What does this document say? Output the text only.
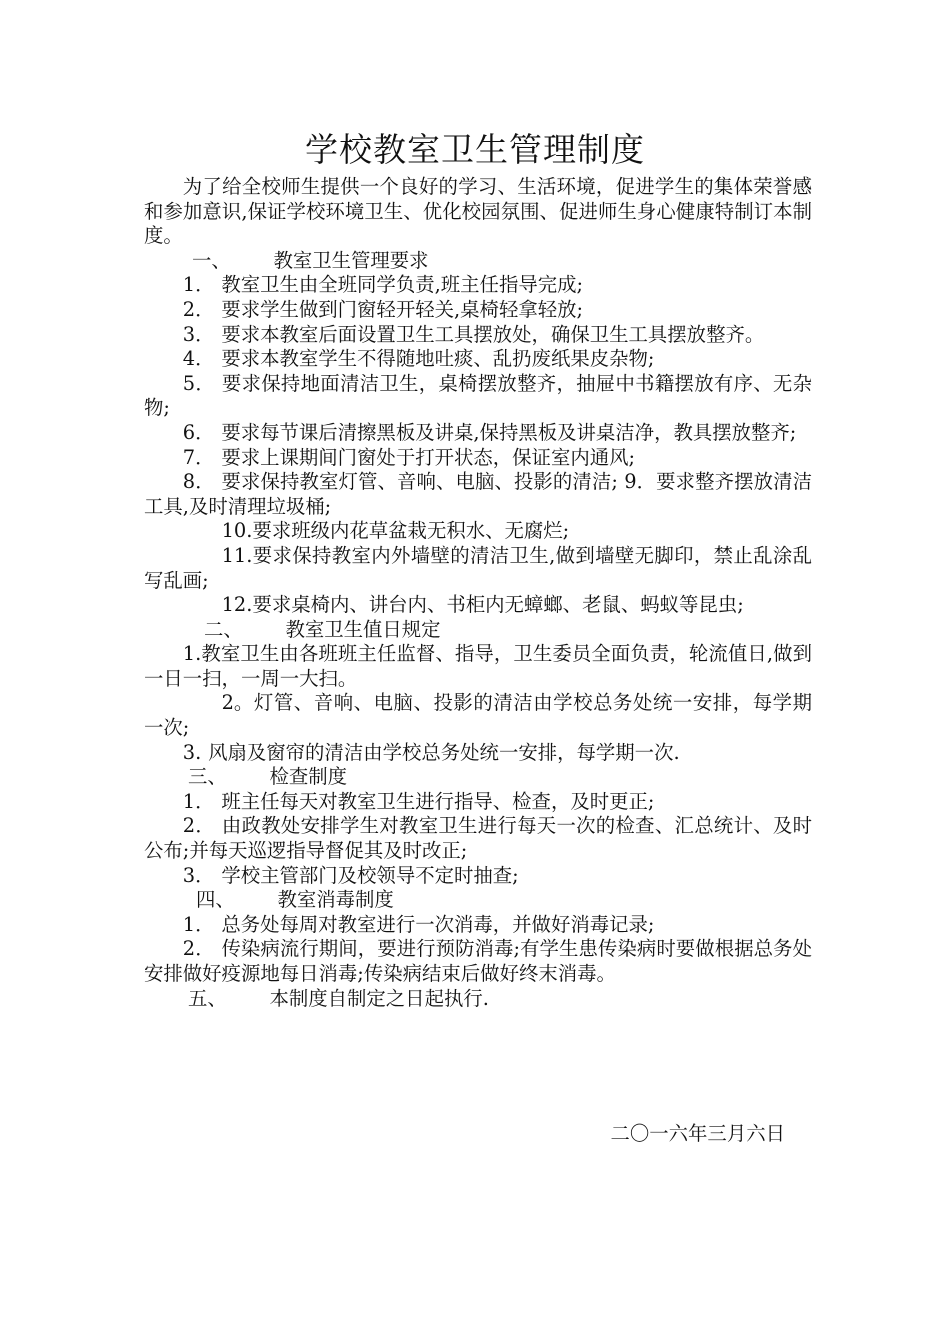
学校教室卫生管理制度

为了给全校师生提供一个良好的学习、生活环境，促进学生的集体荣誉感和参加意识,保证学校环境卫生、优化校园氛围、促进师生身心健康特制订本制度。

一、 教室卫生管理要求

1． 教室卫生由全班同学负责,班主任指导完成;

2． 要求学生做到门窗轻开轻关,桌椅轻拿轻放;

3． 要求本教室后面设置卫生工具摆放处，确保卫生工具摆放整齐。

4． 要求本教室学生不得随地吐痰、乱扔废纸果皮杂物;

5． 要求保持地面清洁卫生，桌椅摆放整齐，抽屉中书籍摆放有序、无杂物;

6． 要求每节课后清擦黑板及讲桌,保持黑板及讲桌洁净，教具摆放整齐;

7． 要求上课期间门窗处于打开状态，保证室内通风;

8． 要求保持教室灯管、音响、电脑、投影的清洁; 9．要求整齐摆放清洁工具,及时清理垃圾桶;

10.要求班级内花草盆栽无积水、无腐烂;

11.要求保持教室内外墙壁的清洁卫生,做到墙壁无脚印，禁止乱涂乱写乱画;

12.要求桌椅内、讲台内、书柜内无蟑螂、老鼠、蚂蚁等昆虫;

二、 教室卫生值日规定

1.教室卫生由各班班主任监督、指导，卫生委员全面负责，轮流值日,做到一日一扫，一周一大扫。

2。灯管、音响、电脑、投影的清洁由学校总务处统一安排，每学期一次;

3. 风扇及窗帘的清洁由学校总务处统一安排，每学期一次.

三、 检查制度

1． 班主任每天对教室卫生进行指导、检查，及时更正;

2． 由政教处安排学生对教室卫生进行每天一次的检查、汇总统计、及时公布;并每天巡逻指导督促其及时改正;

3． 学校主管部门及校领导不定时抽查;

四、 教室消毒制度

1． 总务处每周对教室进行一次消毒，并做好消毒记录;

2． 传染病流行期间，要进行预防消毒;有学生患传染病时要做根据总务处安排做好疫源地每日消毒;传染病结束后做好终末消毒。

五、 本制度自制定之日起执行.
二〇一六年三月六日
